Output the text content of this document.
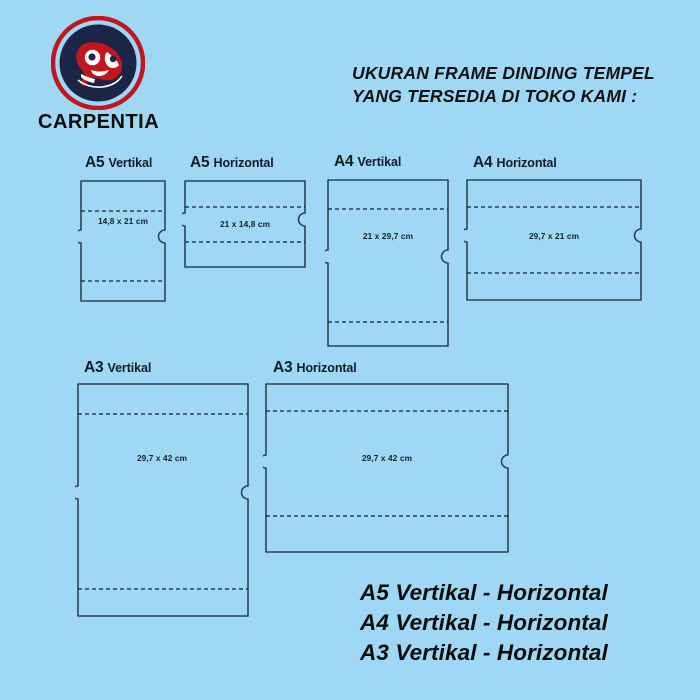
CARPENTIA
UKURAN FRAME DINDING TEMPEL
YANG TERSEDIA DI TOKO KAMI :
A5 Vertikal
14,8 x 21 cm
A5 Horizontal
21 x 14,8 cm
A4 Vertikal
21 x 29,7 cm
A4 Horizontal
29,7 x 21 cm
A3 Vertikal
29,7 x 42 cm
A3 Horizontal
29,7 x 42 cm
A5 Vertikal - Horizontal
A4 Vertikal - Horizontal
A3 Vertikal - Horizontal
